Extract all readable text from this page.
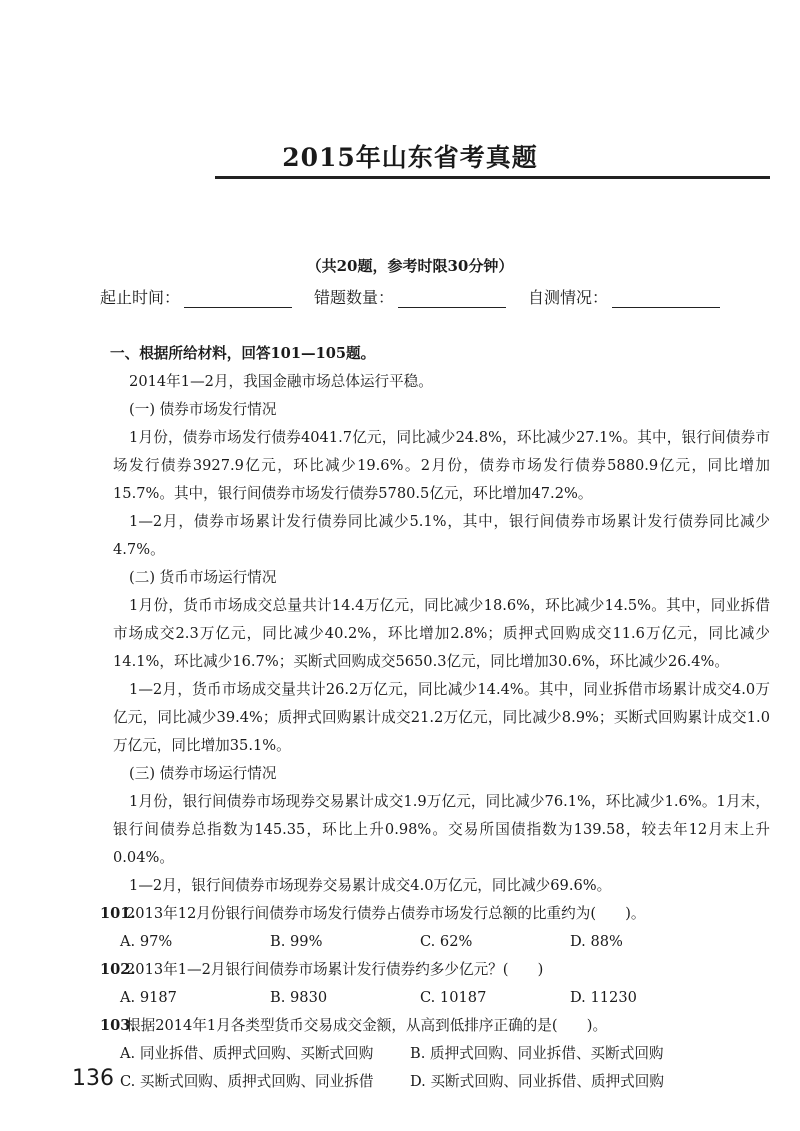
2015年山东省考真题
（共20题，参考时限30分钟）
起止时间：	错题数量：	自测情况：

一、根据所给材料，回答101—105题。

2014年1—2月，我国金融市场总体运行平稳。

(一) 债券市场发行情况

1月份，债券市场发行债券4041.7亿元，同比减少24.8%，环比减少27.1%。其中，银行间债券市场发行债券3927.9亿元，环比减少19.6%。2月份，债券市场发行债券5880.9亿元，同比增加15.7%。其中，银行间债券市场发行债券5780.5亿元，环比增加47.2%。

1—2月，债券市场累计发行债券同比减少5.1%，其中，银行间债券市场累计发行债券同比减少4.7%。

(二) 货币市场运行情况

1月份，货币市场成交总量共计14.4万亿元，同比减少18.6%，环比减少14.5%。其中，同业拆借市场成交2.3万亿元，同比减少40.2%，环比增加2.8%；质押式回购成交11.6万亿元，同比减少14.1%，环比减少16.7%；买断式回购成交5650.3亿元，同比增加30.6%，环比减少26.4%。

1—2月，货币市场成交量共计26.2万亿元，同比减少14.4%。其中，同业拆借市场累计成交4.0万亿元，同比减少39.4%；质押式回购累计成交21.2万亿元，同比减少8.9%；买断式回购累计成交1.0万亿元，同比增加35.1%。

(三) 债券市场运行情况

1月份，银行间债券市场现券交易累计成交1.9万亿元，同比减少76.1%，环比减少1.6%。1月末，银行间债券总指数为145.35，环比上升0.98%。交易所国债指数为139.58，较去年12月末上升0.04%。

1—2月，银行间债券市场现券交易累计成交4.0万亿元，同比减少69.6%。

101.
2013年12月份银行间债券市场发行债券占债券市场发行总额的比重约为(　　)。

A. 97%	B. 99%	C. 62%	D. 88%

102.
2013年1—2月银行间债券市场累计发行债券约多少亿元？(　　)

A. 9187	B. 9830	C. 10187	D. 11230

103.
根据2014年1月各类型货币交易成交金额，从高到低排序正确的是(　　)。

A. 同业拆借、质押式回购、买断式回购	B. 质押式回购、同业拆借、买断式回购
C. 买断式回购、质押式回购、同业拆借	D. 买断式回购、同业拆借、质押式回购
136
